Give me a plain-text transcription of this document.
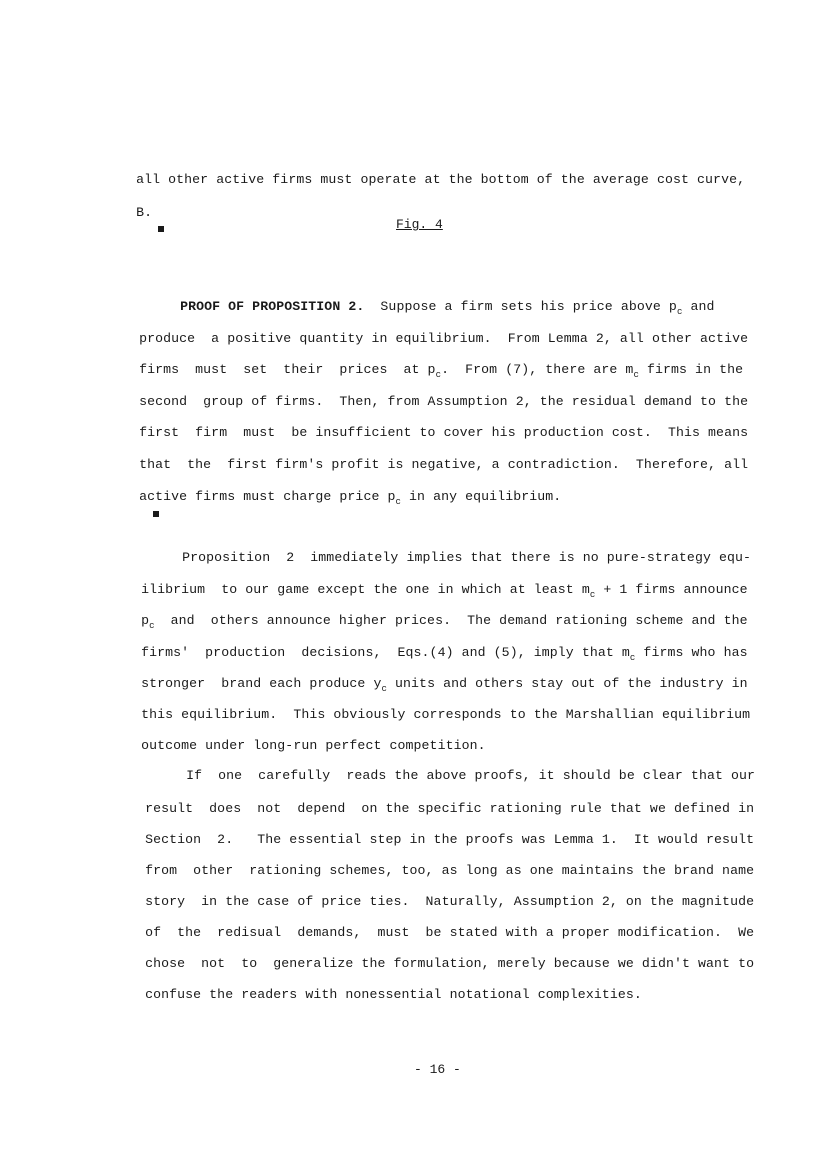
all other active firms must operate at the bottom of the average cost curve,

B.

Fig. 4

PROOF OF PROPOSITION 2.  Suppose a firm sets his price above $p_c$ and

produce  a positive quantity in equilibrium.  From Lemma 2, all other active

firms  must  set  their  prices  at $p_c$.  From (7), there are $m_c$ firms in the

second  group of firms.  Then, from Assumption 2, the residual demand to the

first  firm  must  be insufficient to cover his production cost.  This means

that  the  first firm's profit is negative, a contradiction.  Therefore, all

active firms must charge price $p_c$ in any equilibrium.

Proposition  2  immediately implies that there is no pure-strategy equ-

ilibrium  to our game except the one in which at least $m_c + 1$ firms announce

$p_c$  and  others announce higher prices.  The demand rationing scheme and the

firms'  production  decisions,  Eqs.(4) and (5), imply that $m_c$ firms who has

stronger  brand each produce $y_c$ units and others stay out of the industry in

this equilibrium.  This obviously corresponds to the Marshallian equilibrium

outcome under long-run perfect competition.

If  one  carefully  reads the above proofs, it should be clear that our

result  does  not  depend  on the specific rationing rule that we defined in

Section  2.   The essential step in the proofs was Lemma 1.  It would result

from  other  rationing schemes, too, as long as one maintains the brand name

story  in the case of price ties.  Naturally, Assumption 2, on the magnitude

of  the  redisual  demands,  must  be stated with a proper modification.  We

chose  not  to  generalize the formulation, merely because we didn't want to

confuse the readers with nonessential notational complexities.

- 16 -
